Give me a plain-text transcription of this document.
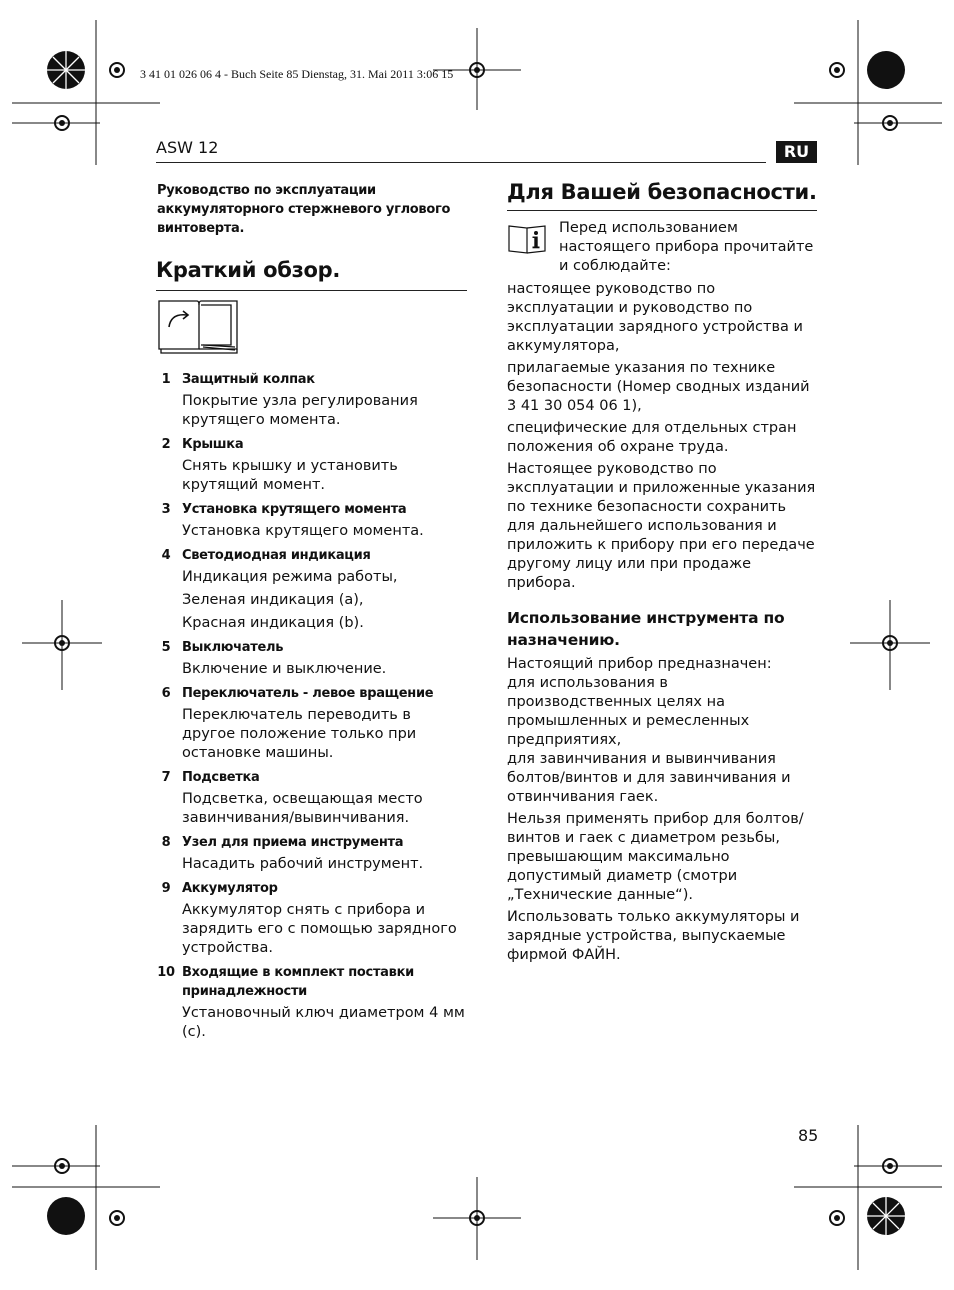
3 41 01 026 06 4 - Buch Seite 85 Dienstag, 31. Mai 2011 3:06 15
ASW 12	RU
Руководство по эксплуатации аккумуляторного стержневого углового винтоверта.
Краткий обзор.
1 Защитный колпак
Покрытие узла регулирования крутящего момента.
2 Крышка
Снять крышку и установить крутящий момент.
3 Установка крутящего момента
Установка крутящего момента.
4 Светодиодная индикация
Индикация режима работы,
Зеленая индикация (а),
Красная индикация (b).
5 Выключатель
Включение и выключение.
6 Переключатель - левое вращение
Переключатель переводить в другое положение только при остановке машины.
7 Подсветка
Подсветка, освещающая место завинчивания/вывинчивания.
8 Узел для приема инструмента
Насадить рабочий инструмент.
9 Аккумулятор
Аккумулятор снять с прибора и зарядить его с помощью зарядного устройства.
10 Входящие в комплект поставки принадлежности
Установочный ключ диаметром 4 мм (с).
Для Вашей безопасности.
Перед использованием настоящего прибора прочитайте и соблюдайте:

настоящее руководство по эксплуатации и руководство по эксплуатации зарядного устройства и аккумулятора,

прилагаемые указания по технике безопасности (Номер сводных изданий 3 41 30 054 06 1),

специфические для отдельных стран положения об охране труда.

Настоящее руководство по эксплуатации и приложенные указания по технике безопасности сохранить для дальнейшего использования и приложить к прибору при его передаче другому лицу или при продаже прибора.

Использование инструмента по назначению.
Настоящий прибор предназначен:
для использования в производственных целях на промышленных и ремесленных предприятиях,
для завинчивания и вывинчивания болтов/винтов и для завинчивания и отвинчивания гаек.

Нельзя применять прибор для болтов/винтов и гаек с диаметром резьбы, превышающим максимально допустимый диаметр (смотри „Технические данные“).

Использовать только аккумуляторы и зарядные устройства, выпускаемые фирмой ФАЙН.

85
